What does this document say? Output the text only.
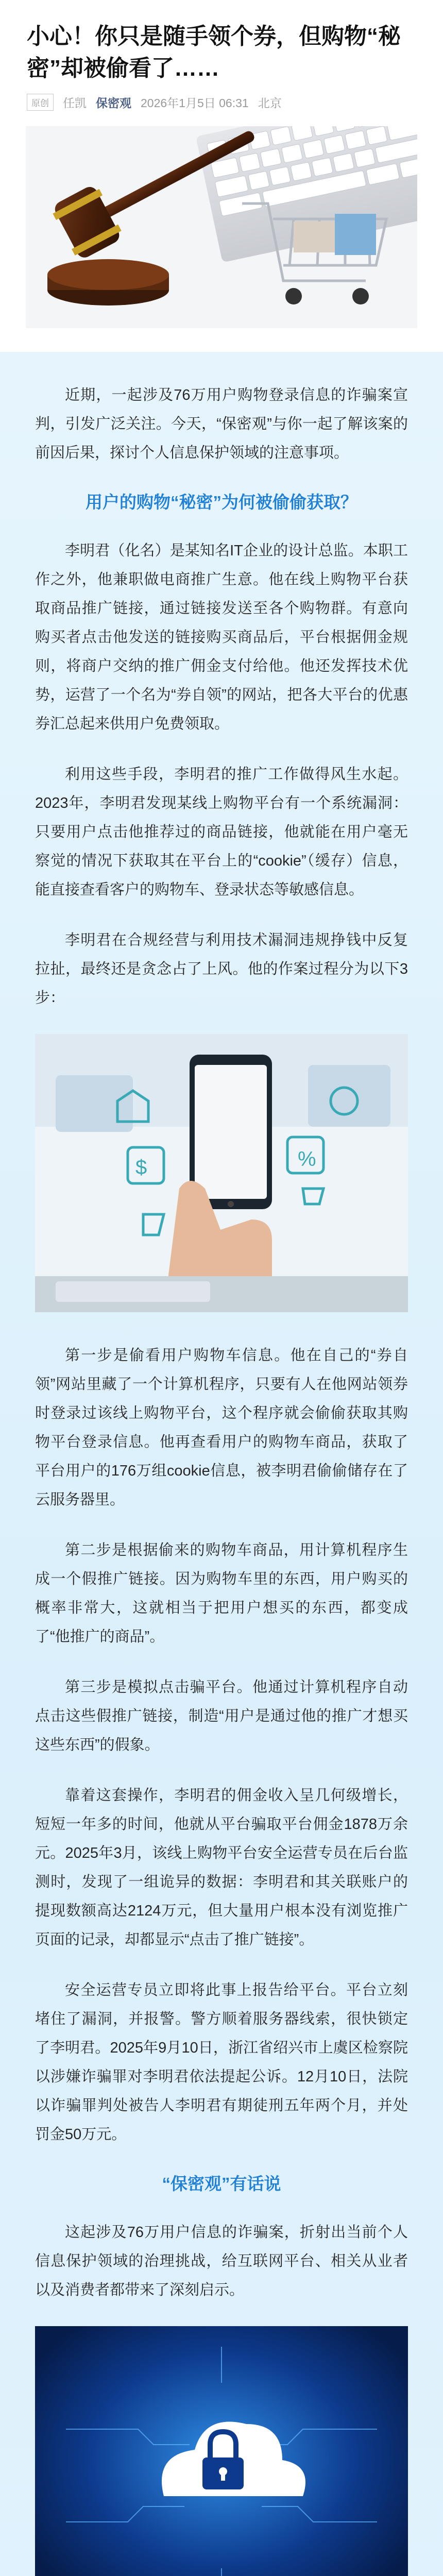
小心！你只是随手领个券，但购物“秘密”却被偷看了……
原创	任凯 保密观 2026年1月5日 06:31 北京

近期，一起涉及76万用户购物登录信息的诈骗案宣判，引发广泛关注。今天，“保密观”与你一起了解该案的前因后果，探讨个人信息保护领域的注意事项。

用户的购物“秘密”为何被偷偷获取？

李明君（化名）是某知名IT企业的设计总监。本职工作之外，他兼职做电商推广生意。他在线上购物平台获取商品推广链接，通过链接发送至各个购物群。有意向购买者点击他发送的链接购买商品后，平台根据佣金规则，将商户交纳的推广佣金支付给他。他还发挥技术优势，运营了一个名为“券自领”的网站，把各大平台的优惠券汇总起来供用户免费领取。

利用这些手段，李明君的推广工作做得风生水起。2023年，李明君发现某线上购物平台有一个系统漏洞：只要用户点击他推荐过的商品链接，他就能在用户毫无察觉的情况下获取其在平台上的“cookie”（缓存）信息，能直接查看客户的购物车、登录状态等敏感信息。

李明君在合规经营与利用技术漏洞违规挣钱中反复拉扯，最终还是贪念占了上风。他的作案过程分为以下3步：

%
$

第一步是偷看用户购物车信息。他在自己的“券自领”网站里藏了一个计算机程序，只要有人在他网站领券时登录过该线上购物平台，这个程序就会偷偷获取其购物平台登录信息。他再查看用户的购物车商品，获取了平台用户的176万组cookie信息，被李明君偷偷储存在了云服务器里。

第二步是根据偷来的购物车商品，用计算机程序生成一个假推广链接。因为购物车里的东西，用户购买的概率非常大，这就相当于把用户想买的东西，都变成了“他推广的商品”。

第三步是模拟点击骗平台。他通过计算机程序自动点击这些假推广链接，制造“用户是通过他的推广才想买这些东西”的假象。

靠着这套操作，李明君的佣金收入呈几何级增长，短短一年多的时间，他就从平台骗取平台佣金1878万余元。2025年3月，该线上购物平台安全运营专员在后台监测时，发现了一组诡异的数据：李明君和其关联账户的提现数额高达2124万元，但大量用户根本没有浏览推广页面的记录，却都显示“点击了推广链接”。

安全运营专员立即将此事上报告给平台。平台立刻堵住了漏洞，并报警。警方顺着服务器线索，很快锁定了李明君。2025年9月10日，浙江省绍兴市上虞区检察院以涉嫌诈骗罪对李明君依法提起公诉。12月10日，法院以诈骗罪判处被告人李明君有期徒刑五年两个月，并处罚金50万元。

“保密观”有话说

这起涉及76万用户信息的诈骗案，折射出当前个人信息保护领域的治理挑战，给互联网平台、相关从业者以及消费者都带来了深刻启示。
